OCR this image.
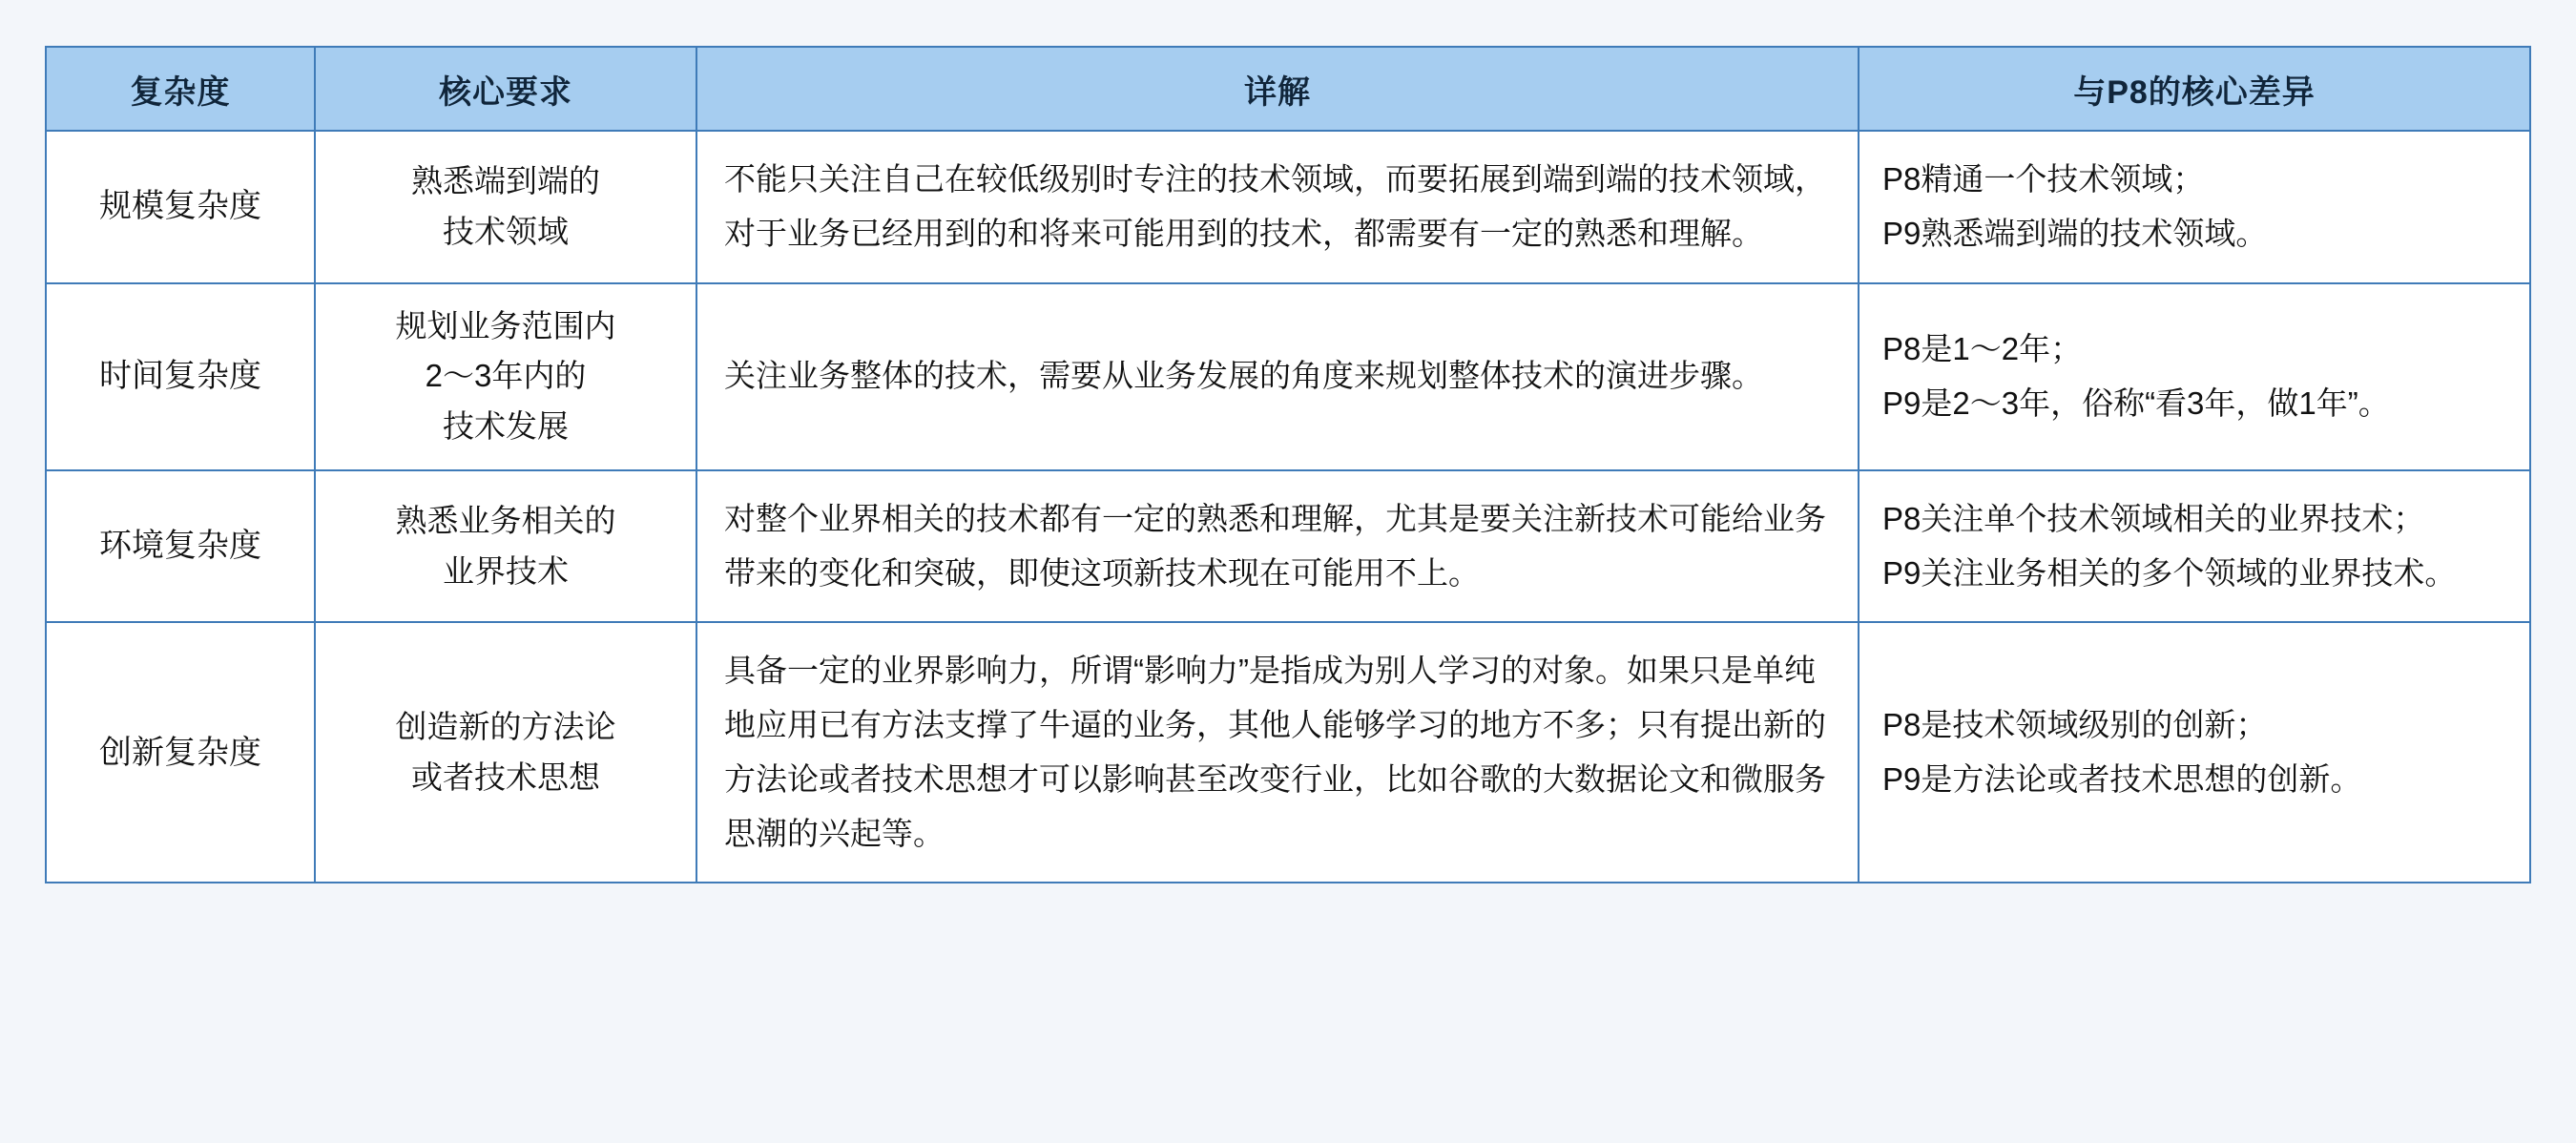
复杂度	核心要求	详解	与P8的核心差异
规模复杂度	熟悉端到端的
技术领域	不能只关注自己在较低级别时专注的技术领域，而要拓展到端到端的技术领域，对于业务已经用到的和将来可能用到的技术，都需要有一定的熟悉和理解。	P8精通一个技术领域；
P9熟悉端到端的技术领域。

时间复杂度	规划业务范围内
2～3年内的
技术发展	关注业务整体的技术，需要从业务发展的角度来规划整体技术的演进步骤。	P8是1～2年；
P9是2～3年，俗称“看3年，做1年”。

环境复杂度	熟悉业务相关的
业界技术	对整个业界相关的技术都有一定的熟悉和理解，尤其是要关注新技术可能给业务带来的变化和突破，即使这项新技术现在可能用不上。	P8关注单个技术领域相关的业界技术；
P9关注业务相关的多个领域的业界技术。

创新复杂度	创造新的方法论
或者技术思想	具备一定的业界影响力，所谓“影响力”是指成为别人学习的对象。如果只是单纯地应用已有方法支撑了牛逼的业务，其他人能够学习的地方不多；只有提出新的方法论或者技术思想才可以影响甚至改变行业，比如谷歌的大数据论文和微服务思潮的兴起等。	P8是技术领域级别的创新；
P9是方法论或者技术思想的创新。
